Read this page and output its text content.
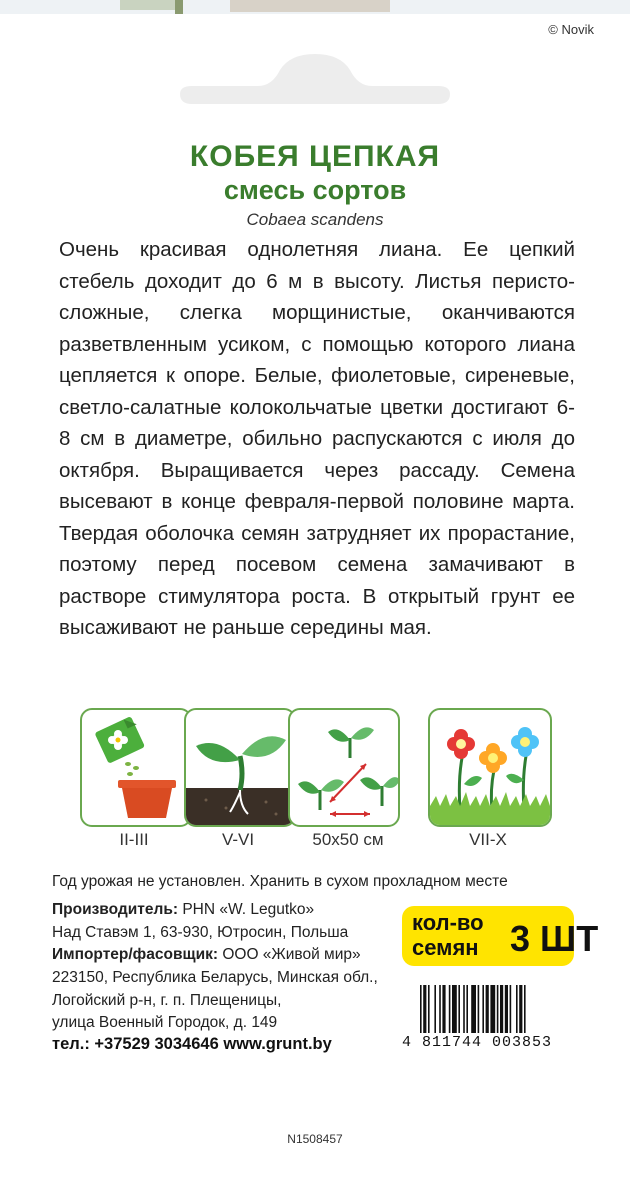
© Novik
КОБЕЯ ЦЕПКАЯ
смесь сортов
Cobaea scandens
Очень красивая однолетняя лиана. Ее цепкий стебель доходит до 6 м в высоту. Листья перисто-сложные, слегка морщинистые, оканчиваются разветвленным усиком, с помощью которого лиана цепляется к опоре. Белые, фиолетовые, сиреневые, светло-салатные колокольчатые цветки достигают 6-8 см в диаметре, обильно распускаются с июля до октября. Выращивается через рассаду. Семена высевают в конце февраля-первой половине марта. Твердая оболочка семян затрудняет их прорастание, поэтому перед посевом семена замачивают в растворе стимулятора роста. В открытый грунт ее высаживают не раньше середины мая.
II-III	V-VI	50x50 см	VII-X
Год урожая не установлен. Хранить в сухом прохладном месте
Производитель: PHN «W. Legutko»
Над Ставэм 1, 63-930, Ютросин, Польша
Импортер/фасовщик: ООО «Живой мир»
223150, Республика Беларусь, Минская обл.,
Логойский р-н, г. п. Плещеницы,
улица Военный Городок, д. 149
тел.: +37529 3034646 www.grunt.by
кол-во
семян 3 ШТ
4 811744 003853
N1508457
